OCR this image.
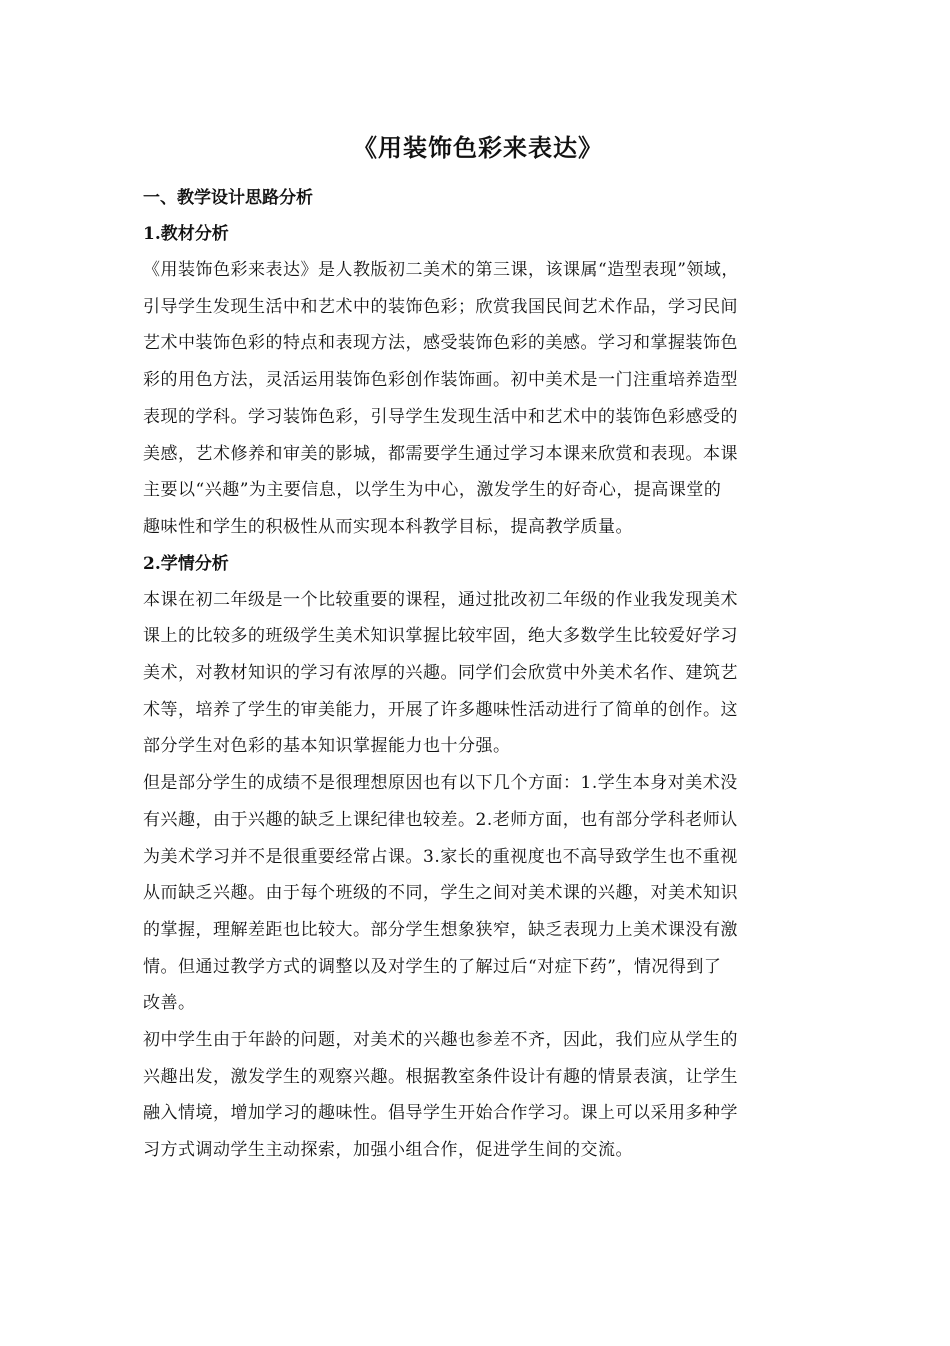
《用装饰色彩来表达》

一、教学设计思路分析

1.教材分析

《用装饰色彩来表达》是人教版初二美术的第三课，该课属“造型表现”领域，
引导学生发现生活中和艺术中的装饰色彩；欣赏我国民间艺术作品，学习民间
艺术中装饰色彩的特点和表现方法，感受装饰色彩的美感。学习和掌握装饰色
彩的用色方法，灵活运用装饰色彩创作装饰画。初中美术是一门注重培养造型
表现的学科。学习装饰色彩，引导学生发现生活中和艺术中的装饰色彩感受的
美感，艺术修养和审美的影城，都需要学生通过学习本课来欣赏和表现。本课
主要以“兴趣”为主要信息，以学生为中心，激发学生的好奇心，提高课堂的
趣味性和学生的积极性从而实现本科教学目标，提高教学质量。

2.学情分析

本课在初二年级是一个比较重要的课程，通过批改初二年级的作业我发现美术
课上的比较多的班级学生美术知识掌握比较牢固，绝大多数学生比较爱好学习
美术，对教材知识的学习有浓厚的兴趣。同学们会欣赏中外美术名作、建筑艺
术等，培养了学生的审美能力，开展了许多趣味性活动进行了简单的创作。这
部分学生对色彩的基本知识掌握能力也十分强。
但是部分学生的成绩不是很理想原因也有以下几个方面：1.学生本身对美术没
有兴趣，由于兴趣的缺乏上课纪律也较差。2.老师方面，也有部分学科老师认
为美术学习并不是很重要经常占课。3.家长的重视度也不高导致学生也不重视
从而缺乏兴趣。由于每个班级的不同，学生之间对美术课的兴趣，对美术知识
的掌握，理解差距也比较大。部分学生想象狭窄，缺乏表现力上美术课没有激
情。但通过教学方式的调整以及对学生的了解过后“对症下药”，情况得到了
改善。
初中学生由于年龄的问题，对美术的兴趣也参差不齐，因此，我们应从学生的
兴趣出发，激发学生的观察兴趣。根据教室条件设计有趣的情景表演，让学生
融入情境，增加学习的趣味性。倡导学生开始合作学习。课上可以采用多种学
习方式调动学生主动探索，加强小组合作，促进学生间的交流。
